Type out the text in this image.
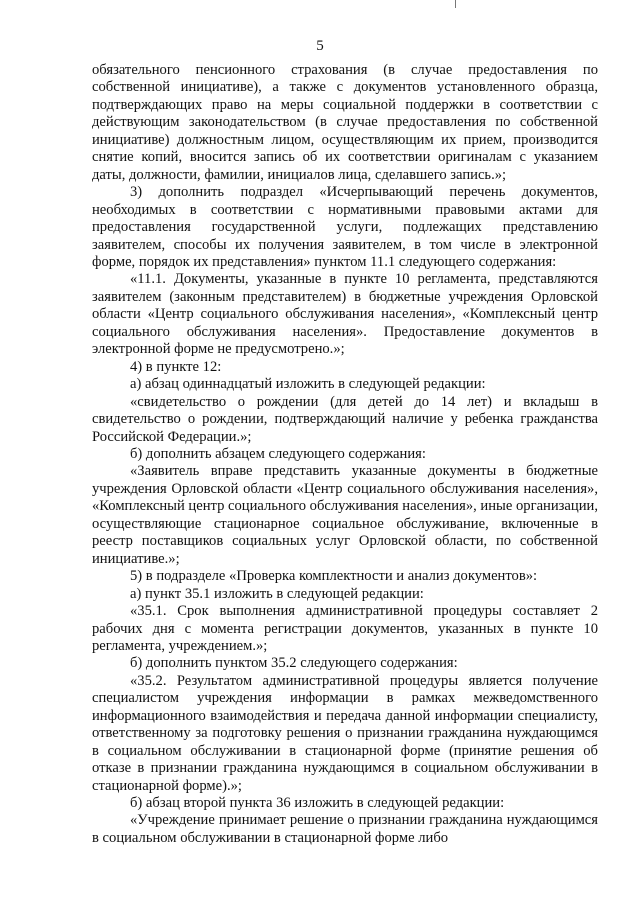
5

обязательного пенсионного страхования (в случае предоставления по собственной инициативе), а также с документов установленного образца, подтверждающих право на меры социальной поддержки в соответствии с действующим законодательством (в случае предоставления по собственной инициативе) должностным лицом, осуществляющим их прием, производится снятие копий, вносится запись об их соответствии оригиналам с указанием даты, должности, фамилии, инициалов лица, сделавшего запись.»;

3) дополнить подраздел «Исчерпывающий перечень документов, необходимых в соответствии с нормативными правовыми актами для предоставления государственной услуги, подлежащих представлению заявителем, способы их получения заявителем, в том числе в электронной форме, порядок их представления» пунктом 11.1 следующего содержания:

«11.1. Документы, указанные в пункте 10 регламента, представляются заявителем (законным представителем) в бюджетные учреждения Орловской области «Центр социального обслуживания населения», «Комплексный центр социального обслуживания населения». Предоставление документов в электронной форме не предусмотрено.»;

4) в пункте 12:

а) абзац одиннадцатый изложить в следующей редакции:

«свидетельство о рождении (для детей до 14 лет) и вкладыш в свидетельство о рождении, подтверждающий наличие у ребенка гражданства Российской Федерации.»;

б) дополнить абзацем следующего содержания:

«Заявитель вправе представить указанные документы в бюджетные учреждения Орловской области «Центр социального обслуживания населения», «Комплексный центр социального обслуживания населения», иные организации, осуществляющие стационарное социальное обслуживание, включенные в реестр поставщиков социальных услуг Орловской области, по собственной инициативе.»;

5) в подразделе «Проверка комплектности и анализ документов»:

а) пункт 35.1 изложить в следующей редакции:

«35.1. Срок выполнения административной процедуры составляет 2 рабочих дня с момента регистрации документов, указанных в пункте 10 регламента, учреждением.»;

б) дополнить пунктом 35.2 следующего содержания:

«35.2. Результатом административной процедуры является получение специалистом учреждения информации в рамках межведомственного информационного взаимодействия и передача данной информации специалисту, ответственному за подготовку решения о признании гражданина нуждающимся в социальном обслуживании в стационарной форме (принятие решения об отказе в признании гражданина нуждающимся в социальном обслуживании в стационарной форме).»;

б) абзац второй пункта 36 изложить в следующей редакции:

«Учреждение принимает решение о признании гражданина нуждающимся в социальном обслуживании в стационарной форме либо
